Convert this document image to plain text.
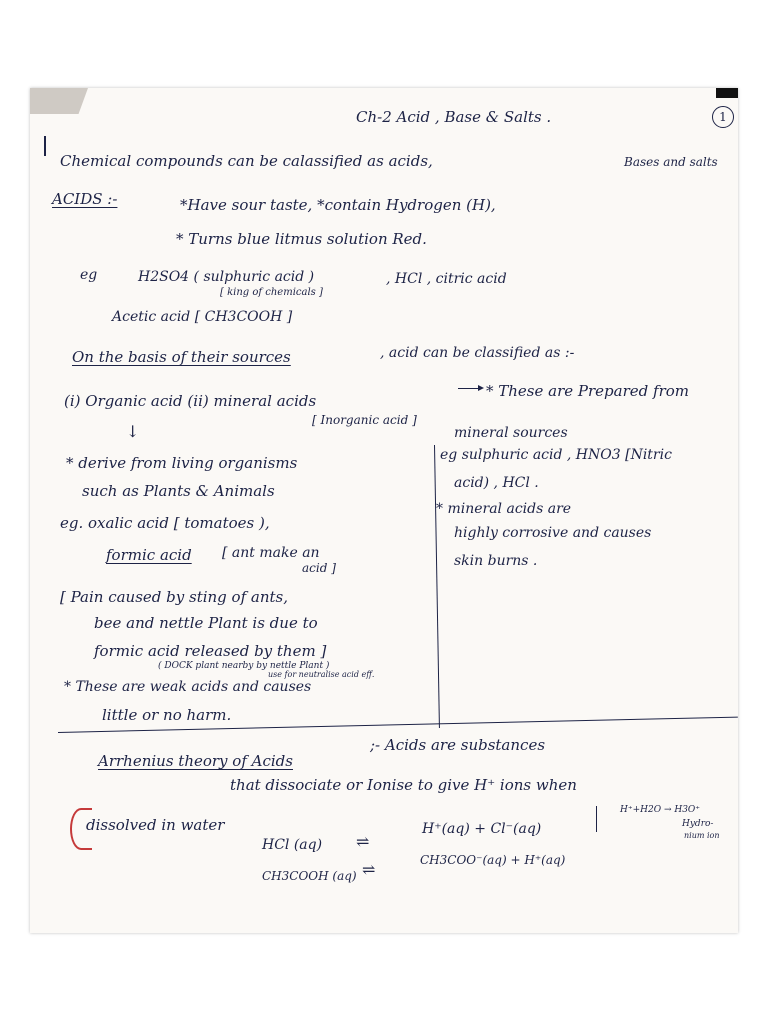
Ch-2 Acid , Base & Salts .	1
Chemical compounds can be calassified as acids,	Bases and salts
ACIDS :-	*Have sour taste, *contain Hydrogen (H),
* Turns blue litmus solution Red.
eg	H2SO4 ( sulphuric acid )
[ king of chemicals ]
, HCl , citric acid
Acetic acid [ CH3COOH ]
On the basis of their sources	, acid can be classified as :-
(i) Organic acid (ii) mineral acids
[ Inorganic acid ]
* These are Prepared from
mineral sources
eg sulphuric acid , HNO3 [Nitric
acid) , HCl .
* mineral acids are
highly corrosive and causes
skin burns .
↓
* derive from living organisms
such as Plants & Animals
eg. oxalic acid [ tomatoes ),
formic acid [ ant make an
acid ]
[ Pain caused by sting of ants,
bee and nettle Plant is due to
formic acid released by them ]
( DOCK plant nearby by nettle Plant )
use for neutralise acid eff.
* These are weak acids and causes
little or no harm.
Arrhenius theory of Acids
;- Acids are substances
that dissociate or Ionise to give H⁺ ions when
dissolved in water
HCl (aq) ⇌
H⁺(aq) + Cl⁻(aq)
CH3COOH (aq) ⇌	CH3COO⁻(aq) + H⁺(aq)
H⁺+H2O → H3O⁺
Hydro-
nium ion
